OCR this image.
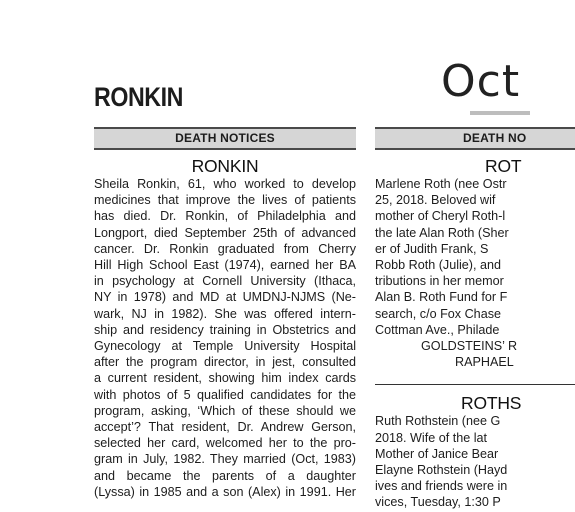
RONKIN	Oct
DEATH NOTICES
RONKIN
Sheila Ronkin, 61, who worked to develop
medicines that improve the lives of patients
has died. Dr. Ronkin, of Philadelphia and
Longport, died September 25th of advanced
cancer. Dr. Ronkin graduated from Cherry
Hill High School East (1974), earned her BA
in psychology at Cornell University (Ithaca,
NY in 1978) and MD at UMDNJ-NJMS (Ne-
wark, NJ in 1982). She was offered intern-
ship and residency training in Obstetrics and
Gynecology at Temple University Hospital
after the program director, in jest, consulted
a current resident, showing him index cards
with photos of 5 qualified candidates for the
program, asking, ‘Which of these should we
accept’? That resident, Dr. Andrew Gerson,
selected her card, welcomed her to the pro-
gram in July, 1982. They married (Oct, 1983)
and became the parents of a daughter
(Lyssa) in 1985 and a son (Alex) in 1991. Her
DEATH NO
ROT
Marlene Roth (nee Ostr
25, 2018. Beloved wif
mother of Cheryl Roth-l
the late Alan Roth (Sher
er of Judith Frank, S
Robb Roth (Julie), and
tributions in her memor
Alan B. Roth Fund for F
search, c/o Fox Chase
Cottman Ave., Philade
GOLDSTEINS’ R
RAPHAEL
ROTHS
Ruth Rothstein (nee G
2018. Wife of the lat
Mother of Janice Bear
Elayne Rothstein (Hayd
ives and friends were in
vices, Tuesday, 1:30 P
